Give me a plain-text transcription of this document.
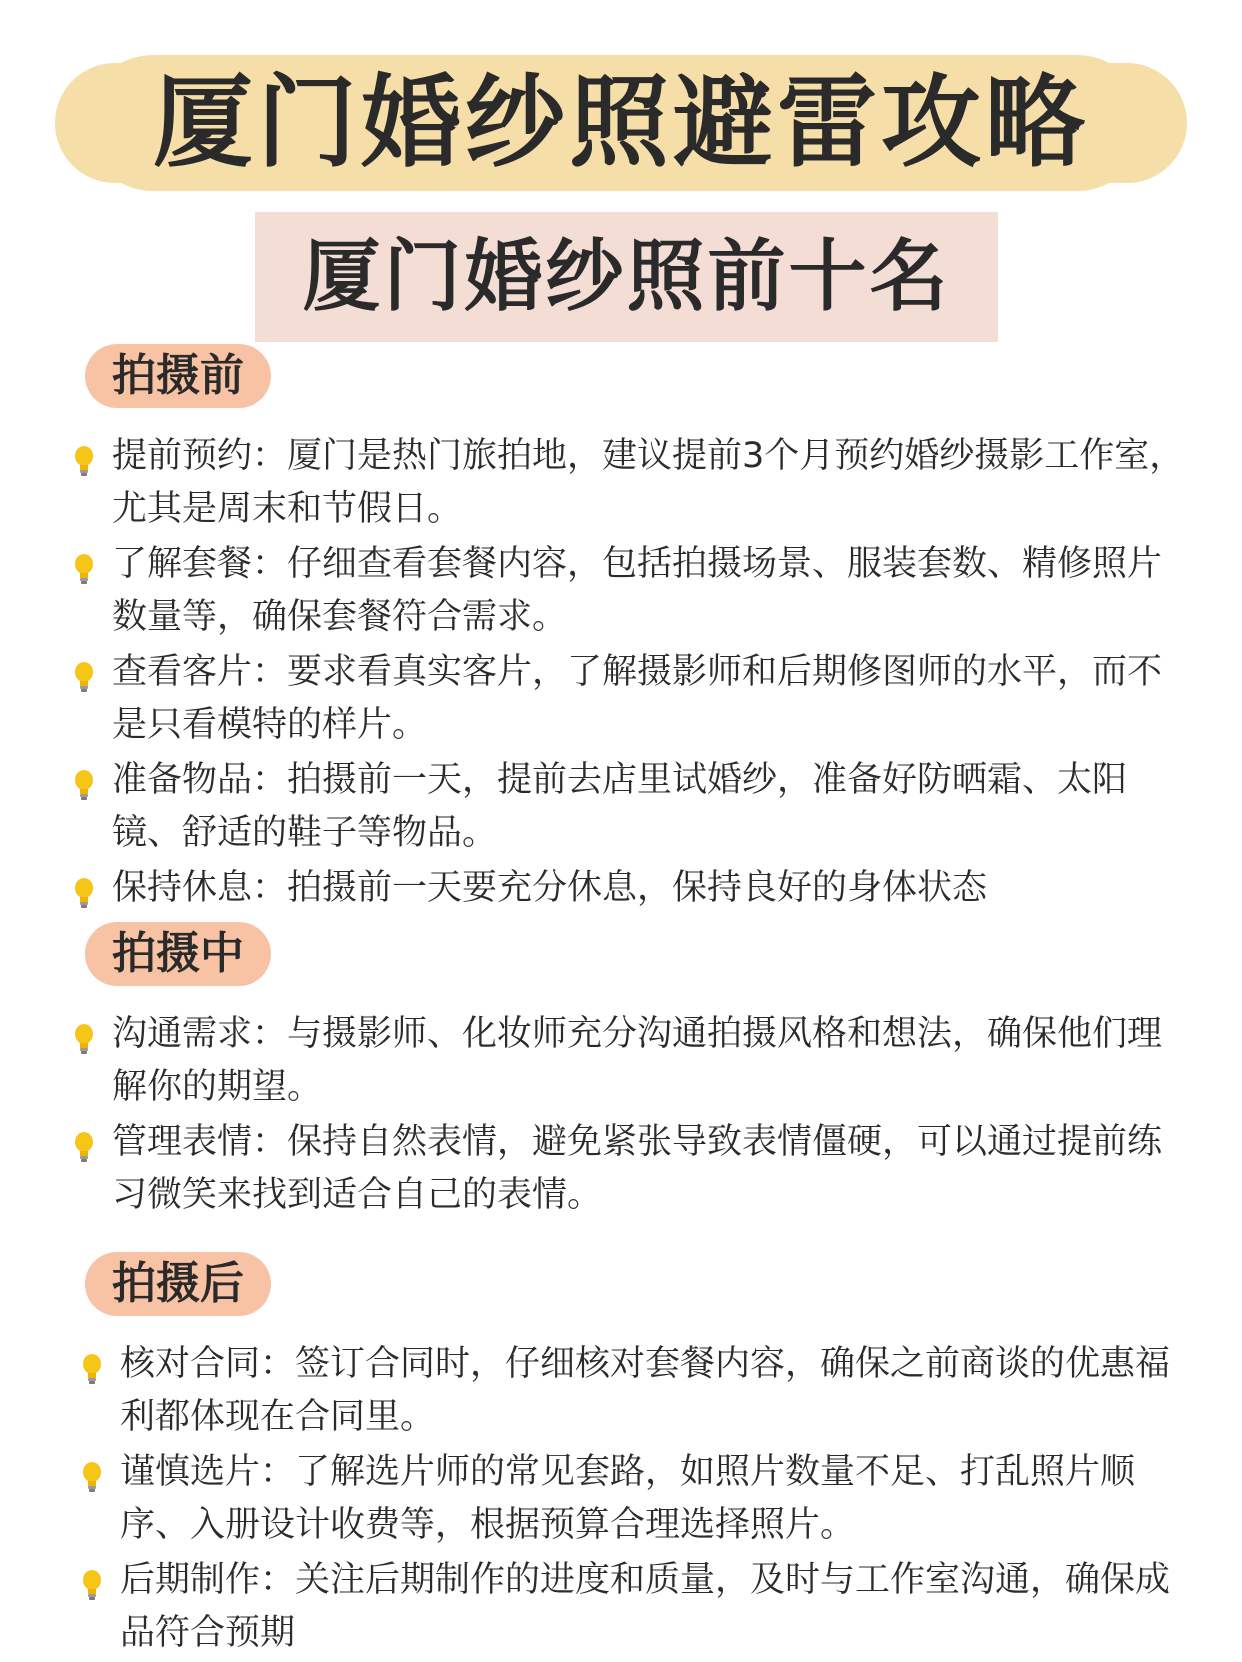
厦门婚纱照避雷攻略
厦门婚纱照前十名
拍摄前
提前预约：厦门是热门旅拍地，建议提前3个月预约婚纱摄影工作室，尤其是周末和节假日。
了解套餐：仔细查看套餐内容，包括拍摄场景、服装套数、精修照片数量等，确保套餐符合需求。
查看客片：要求看真实客片，了解摄影师和后期修图师的水平，而不是只看模特的样片。
准备物品：拍摄前一天，提前去店里试婚纱，准备好防晒霜、太阳镜、舒适的鞋子等物品。
保持休息：拍摄前一天要充分休息，保持良好的身体状态
拍摄中
沟通需求：与摄影师、化妆师充分沟通拍摄风格和想法，确保他们理解你的期望。
管理表情：保持自然表情，避免紧张导致表情僵硬，可以通过提前练习微笑来找到适合自己的表情。
拍摄后
核对合同：签订合同时，仔细核对套餐内容，确保之前商谈的优惠福利都体现在合同里。
谨慎选片：了解选片师的常见套路，如照片数量不足、打乱照片顺序、入册设计收费等，根据预算合理选择照片。
后期制作：关注后期制作的进度和质量，及时与工作室沟通，确保成品符合预期
